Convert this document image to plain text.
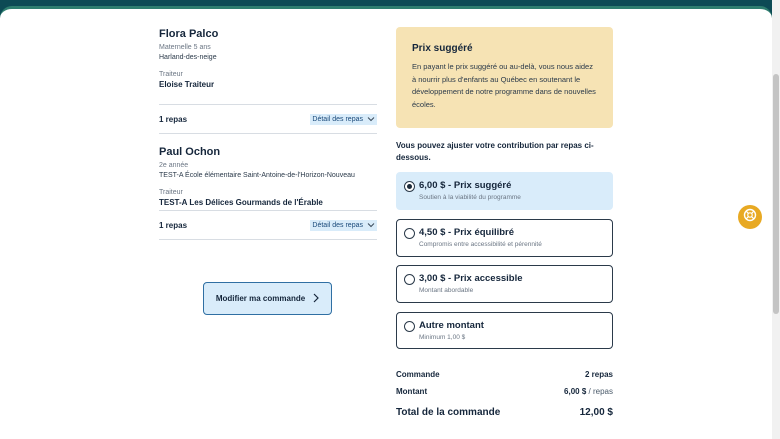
Flora Palco
Maternelle 5 ans
Harland-des-neige
Traiteur
Eloise Traiteur
1 repas	Détail des repas
Paul Ochon
2e année
TEST-A École élémentaire Saint-Antoine-de-l'Horizon-Nouveau
Traiteur
TEST-A Les Délices Gourmands de l'Érable
1 repas	Détail des repas
Modifier ma commande
Prix suggéré
En payant le prix suggéré ou au-delà, vous nous aidez à nourrir plus d'enfants au Québec en soutenant le développement de notre programme dans de nouvelles écoles.
Vous pouvez ajuster votre contribution par repas ci-dessous.
6,00 $ - Prix suggéré
Soutien à la viabilité du programme
4,50 $ - Prix équilibré
Compromis entre accessibilité et pérennité
3,00 $ - Prix accessible
Montant abordable
Autre montant
Minimum 1,00 $
Commande	2 repas
Montant	6,00 $ / repas
Total de la commande	12,00 $
